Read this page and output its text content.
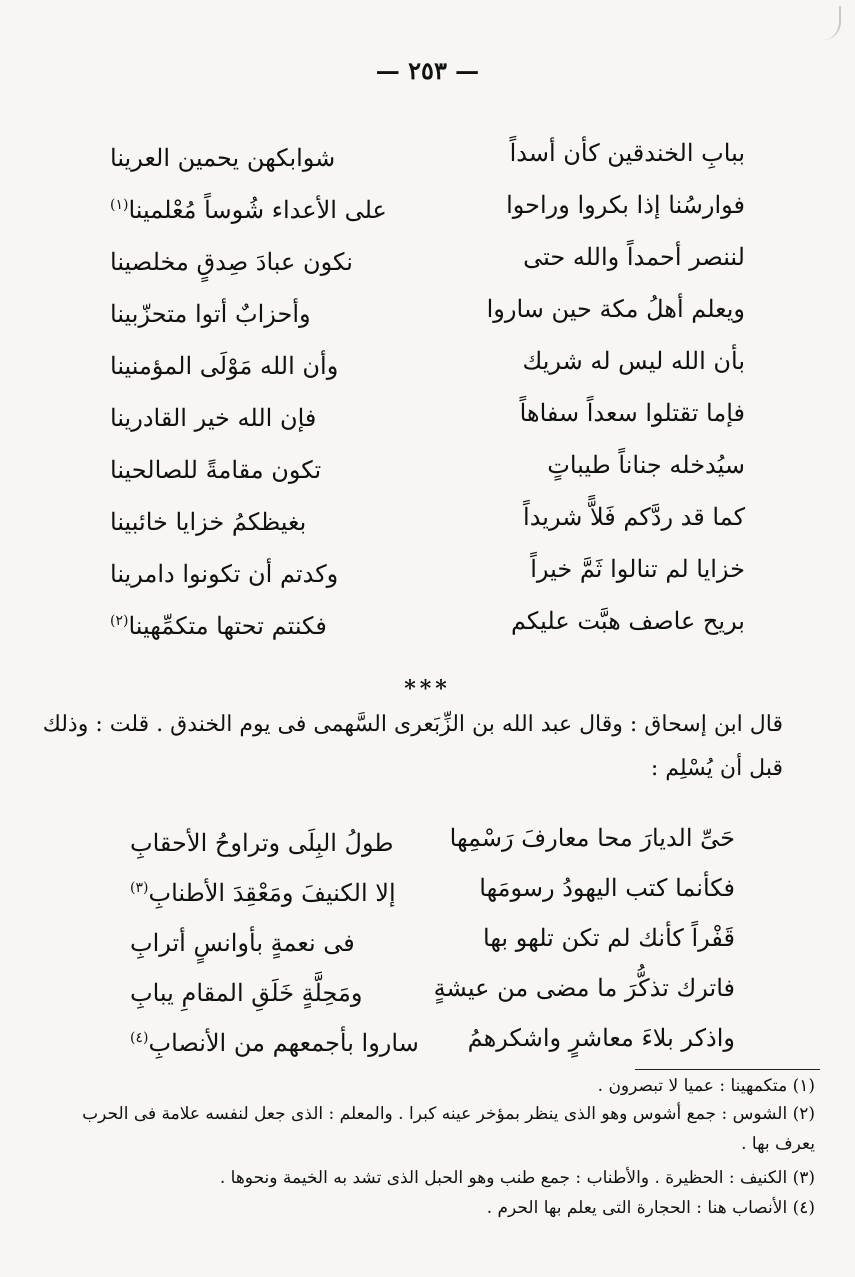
— ٢٥٣ —
ببابِ الخندقين كأن أسداً
شوابكهن يحمين العرينا
فوارسُنا إذا بكروا وراحوا
على الأعداء شُوساً مُعْلمينا$^{(١)}$
لننصر أحمداً والله حتى
نكون عبادَ صِدقٍ مخلصينا
ويعلم أهلُ مكة حين ساروا
وأحزابٌ أتوا متحزّبينا
بأن الله ليس له شريك
وأن الله مَوْلَى المؤمنينا
فإما تقتلوا سعداً سفاهاً
فإن الله خير القادرينا
سيُدخله جناناً طيباتٍ
تكون مقامةً للصالحينا
كما قد ردَّكم فَلاًّ شريداً
بغيظكمُ خزايا خائبينا
خزايا لم تنالوا ثَمَّ خيراً
وكدتم أن تكونوا دامرينا
بريح عاصف هبَّت عليكم
فكنتم تحتها متكمِّهينا$^{(٢)}$
***
قال ابن إسحاق : وقال عبد الله بن الزِّبَعرى السَّهمى فى يوم الخندق . قلت : وذلك
قبل أن يُسْلِم :
حَىِّ الديارَ محا معارفَ رَسْمِها
طولُ البِلَى وتراوحُ الأحقابِ
فكأنما كتب اليهودُ رسومَها
إلا الكنيفَ ومَعْقِدَ الأطنابِ$^{(٣)}$
قَفْراً كأنك لم تكن تلهو بها
فى نعمةٍ بأوانسٍ أترابِ
فاترك تذكُّرَ ما مضى من عيشةٍ
ومَحِلَّةٍ خَلَقِ المقامِ يبابِ
واذكر بلاءَ معاشرٍ واشكرهمُ
ساروا بأجمعهم من الأنصابِ$^{(٤)}$
(١) متكمهينا : عميا لا تبصرون .
(٢) الشوس : جمع أشوس وهو الذى ينظر بمؤخر عينه كبرا . والمعلم : الذى جعل لنفسه علامة فى الحرب
يعرف بها .
(٣) الكنيف : الحظيرة . والأطناب : جمع طنب وهو الحبل الذى تشد به الخيمة ونحوها .
(٤) الأنصاب هنا : الحجارة التى يعلم بها الحرم .
